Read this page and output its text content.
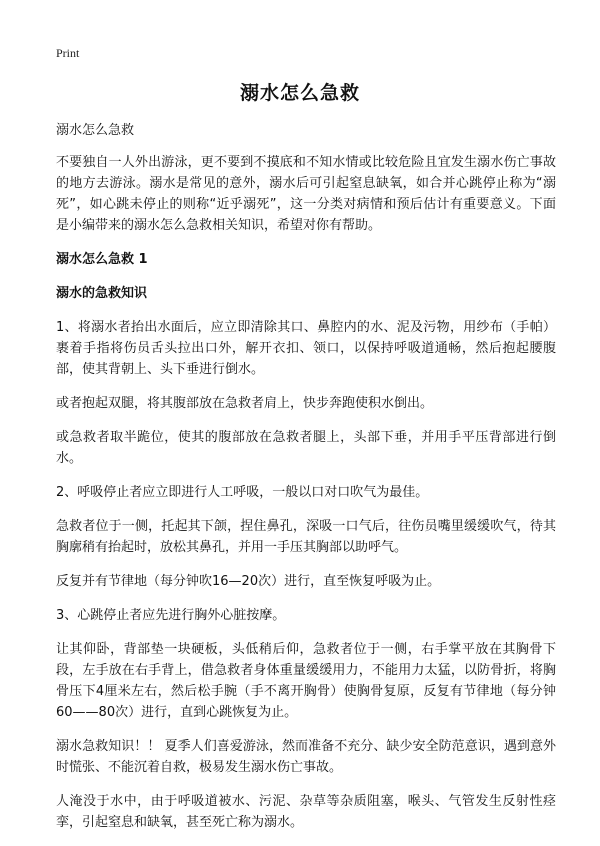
Print
溺水怎么急救

溺水怎么急救

不要独自一人外出游泳，更不要到不摸底和不知水情或比较危险且宜发生溺水伤亡事故的地方去游泳。溺水是常见的意外，溺水后可引起窒息缺氧，如合并心跳停止称为“溺死”，如心跳未停止的则称“近乎溺死”，这一分类对病情和预后估计有重要意义。下面是小编带来的溺水怎么急救相关知识，希望对你有帮助。

溺水怎么急救 1
溺水的急救知识

1、将溺水者抬出水面后，应立即清除其口、鼻腔内的水、泥及污物，用纱布（手帕）裹着手指将伤员舌头拉出口外，解开衣扣、领口，以保持呼吸道通畅，然后抱起腰腹部，使其背朝上、头下垂进行倒水。

或者抱起双腿，将其腹部放在急救者肩上，快步奔跑使积水倒出。

或急救者取半跪位，使其的腹部放在急救者腿上，头部下垂，并用手平压背部进行倒水。

2、呼吸停止者应立即进行人工呼吸，一般以口对口吹气为最佳。

急救者位于一侧，托起其下颌，捏住鼻孔，深吸一口气后，往伤员嘴里缓缓吹气，待其胸廓稍有抬起时，放松其鼻孔，并用一手压其胸部以助呼气。

反复并有节律地（每分钟吹16—20次）进行，直至恢复呼吸为止。

3、心跳停止者应先进行胸外心脏按摩。

让其仰卧，背部垫一块硬板，头低稍后仰，急救者位于一侧，右手掌平放在其胸骨下段，左手放在右手背上，借急救者身体重量缓缓用力，不能用力太猛，以防骨折，将胸骨压下4厘米左右，然后松手腕（手不离开胸骨）使胸骨复原，反复有节律地（每分钟60——80次）进行，直到心跳恢复为止。

溺水急救知识！！ 夏季人们喜爱游泳，然而准备不充分、缺少安全防范意识，遇到意外时慌张、不能沉着自救，极易发生溺水伤亡事故。

人淹没于水中，由于呼吸道被水、污泥、杂草等杂质阻塞，喉头、气管发生反射性痉挛，引起窒息和缺氧，甚至死亡称为溺水。
